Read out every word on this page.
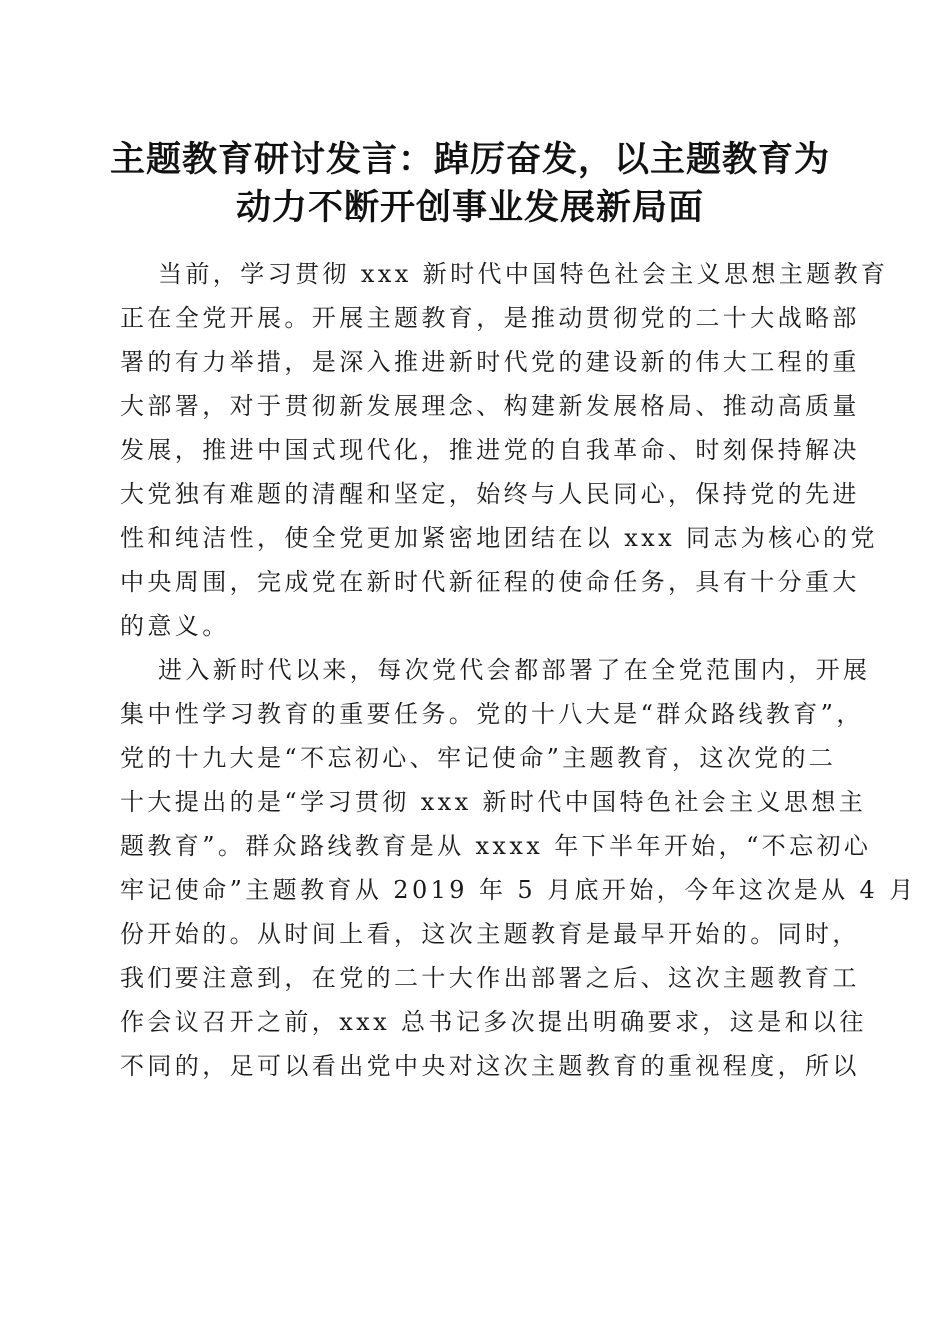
主题教育研讨发言：踔厉奋发，以主题教育为
动力不断开创事业发展新局面
当前，学习贯彻 xxx 新时代中国特色社会主义思想主题教育
正在全党开展。开展主题教育，是推动贯彻党的二十大战略部
署的有力举措，是深入推进新时代党的建设新的伟大工程的重
大部署，对于贯彻新发展理念、构建新发展格局、推动高质量
发展，推进中国式现代化，推进党的自我革命、时刻保持解决
大党独有难题的清醒和坚定，始终与人民同心，保持党的先进
性和纯洁性，使全党更加紧密地团结在以 xxx 同志为核心的党
中央周围，完成党在新时代新征程的使命任务，具有十分重大
的意义。
进入新时代以来，每次党代会都部署了在全党范围内，开展
集中性学习教育的重要任务。党的十八大是“群众路线教育”，
党的十九大是“不忘初心、牢记使命”主题教育，这次党的二
十大提出的是“学习贯彻 xxx 新时代中国特色社会主义思想主
题教育”。群众路线教育是从 xxxx 年下半年开始，“不忘初心
牢记使命”主题教育从 2019 年 5 月底开始，今年这次是从 4 月
份开始的。从时间上看，这次主题教育是最早开始的。同时，
我们要注意到，在党的二十大作出部署之后、这次主题教育工
作会议召开之前，xxx 总书记多次提出明确要求，这是和以往
不同的，足可以看出党中央对这次主题教育的重视程度，所以
